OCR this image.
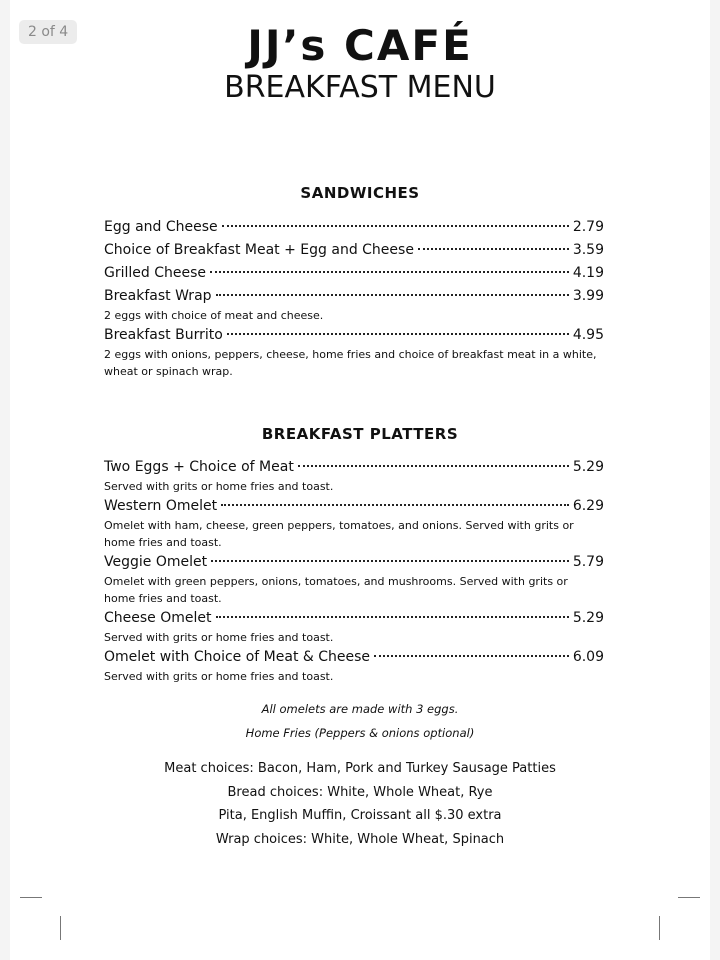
2 of 4	JJ’s CAFÉ
BREAKFAST MENU
SANDWICHES
Egg and Cheese	2.79
Choice of Breakfast Meat + Egg and Cheese	3.59
Grilled Cheese	4.19
Breakfast Wrap	3.99
2 eggs with choice of meat and cheese.
Breakfast Burrito	4.95
2 eggs with onions, peppers, cheese, home fries and choice of breakfast meat in a white, wheat or spinach wrap.
BREAKFAST PLATTERS
Two Eggs + Choice of Meat	5.29
Served with grits or home fries and toast.
Western Omelet	6.29
Omelet with ham, cheese, green peppers, tomatoes, and onions. Served with grits or home fries and toast.
Veggie Omelet	5.79
Omelet with green peppers, onions, tomatoes, and mushrooms. Served with grits or home fries and toast.
Cheese Omelet	5.29
Served with grits or home fries and toast.
Omelet with Choice of Meat & Cheese	6.09
Served with grits or home fries and toast.
All omelets are made with 3 eggs.
Home Fries (Peppers & onions optional)
Meat choices: Bacon, Ham, Pork and Turkey Sausage Patties
Bread choices: White, Whole Wheat, Rye
Pita, English Muffin, Croissant all $.30 extra
Wrap choices: White, Whole Wheat, Spinach
